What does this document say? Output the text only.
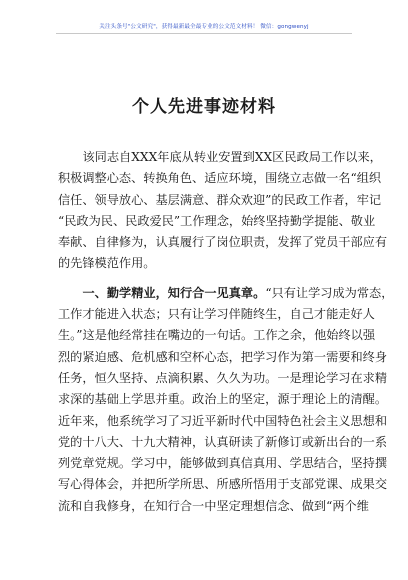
关注头条号"公文研究"，获得最新最全最专业的公文范文材料！ 微信：gongwenyj
个人先进事迹材料
该同志自XXX年底从转业安置到XX区民政局工作以来，
积极调整心态、转换角色、适应环境，围绕立志做一名“组织
信任、领导放心、基层满意、群众欢迎”的民政工作者，牢记
“民政为民、民政爱民”工作理念，始终坚持勤学提能、敬业
奉献、自律修为，认真履行了岗位职责，发挥了党员干部应有
的先锋模范作用。
一、勤学精业，知行合一见真章。“只有让学习成为常态，
工作才能进入状态；只有让学习伴随终生，自己才能走好人
生。”这是他经常挂在嘴边的一句话。工作之余，他始终以强
烈的紧迫感、危机感和空杯心态，把学习作为第一需要和终身
任务，恒久坚持、点滴积累、久久为功。一是理论学习在求精
求深的基础上学思并重。政治上的坚定，源于理论上的清醒。
近年来，他系统学习了习近平新时代中国特色社会主义思想和
党的十八大、十九大精神，认真研读了新修订或新出台的一系
列党章党规。学习中，能够做到真信真用、学思结合，坚持撰
写心得体会，并把所学所思、所感所悟用于支部党课、成果交
流和自我修身，在知行合一中坚定理想信念、做到“两个维
